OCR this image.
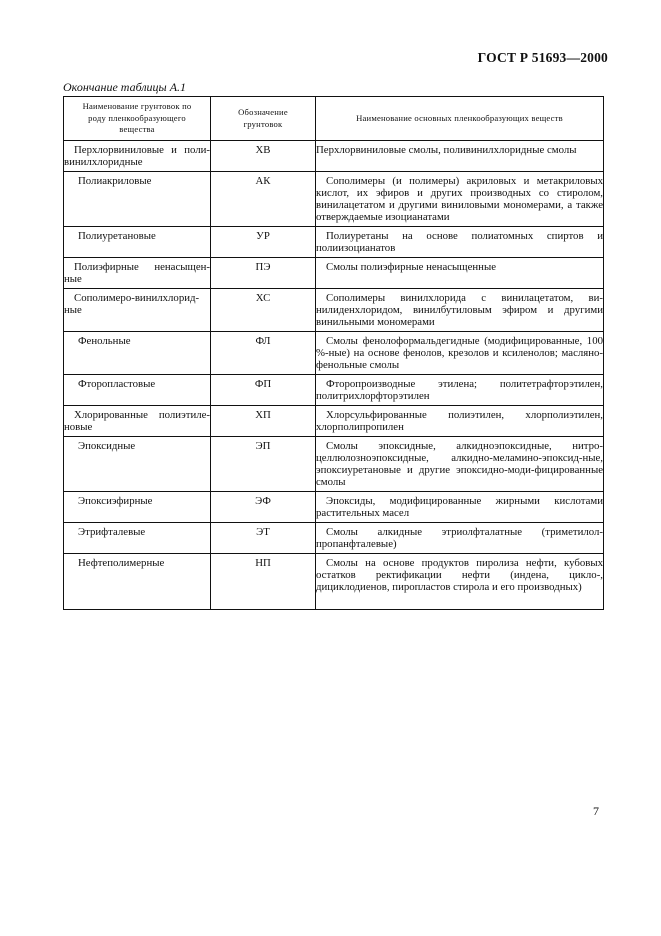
ГОСТ Р 51693—2000
Окончание таблицы А.1
Наименование грунтовок по роду пленкообразующего вещества	Обозначение грунтовок	Наименование основных пленкообразующих веществ
Перхлорвиниловые и поли-винилхлоридные	ХВ	Перхлорвиниловые смолы, поливинилхлоридные смолы
Полиакриловые	АК	Сополимеры (и полимеры) акриловых и метакриловых кислот, их эфиров и других производных со стиролом, винилацетатом и другими виниловыми мономерами, а также отверждаемые изоцианатами
Полиуретановые	УР	Полиуретаны на основе полиатомных спиртов и полиизоцианатов
Полиэфирные ненасыщен-ные	ПЭ	Смолы полиэфирные ненасыщенные
Сополимеро-винилхлорид-ные	ХС	Сополимеры винилхлорида с винилацетатом, ви-нилиденхлоридом, винилбутиловым эфиром и другими винильными мономерами
Фенольные	ФЛ	Смолы фенолоформальдегидные (модифицированные, 100 %-ные) на основе фенолов, крезолов и ксиленолов; масляно-фенольные смолы
Фторопластовые	ФП	Фторопроизводные этилена; политетрафторэтилен, политрихлорфторэтилен
Хлорированные полиэтиле-новые	ХП	Хлорсульфированные полиэтилен, хлорполиэтилен, хлорполипропилен
Эпоксидные	ЭП	Смолы эпоксидные, алкидноэпоксидные, нитро-целлюлозноэпоксидные, алкидно-меламино-эпоксид-ные, эпоксиуретановые и другие эпоксидно-моди-фицированные смолы
Эпоксиэфирные	ЭФ	Эпоксиды, модифицированные жирными кислотами растительных масел
Этрифталевые	ЭТ	Смолы алкидные этриолфталатные (триметилол-пропанфталевые)
Нефтеполимерные	НП	Смолы на основе продуктов пиролиза нефти, кубовых остатков ректификации нефти (индена, цикло-, дициклодиенов, пиропластов стирола и его производных)
7
